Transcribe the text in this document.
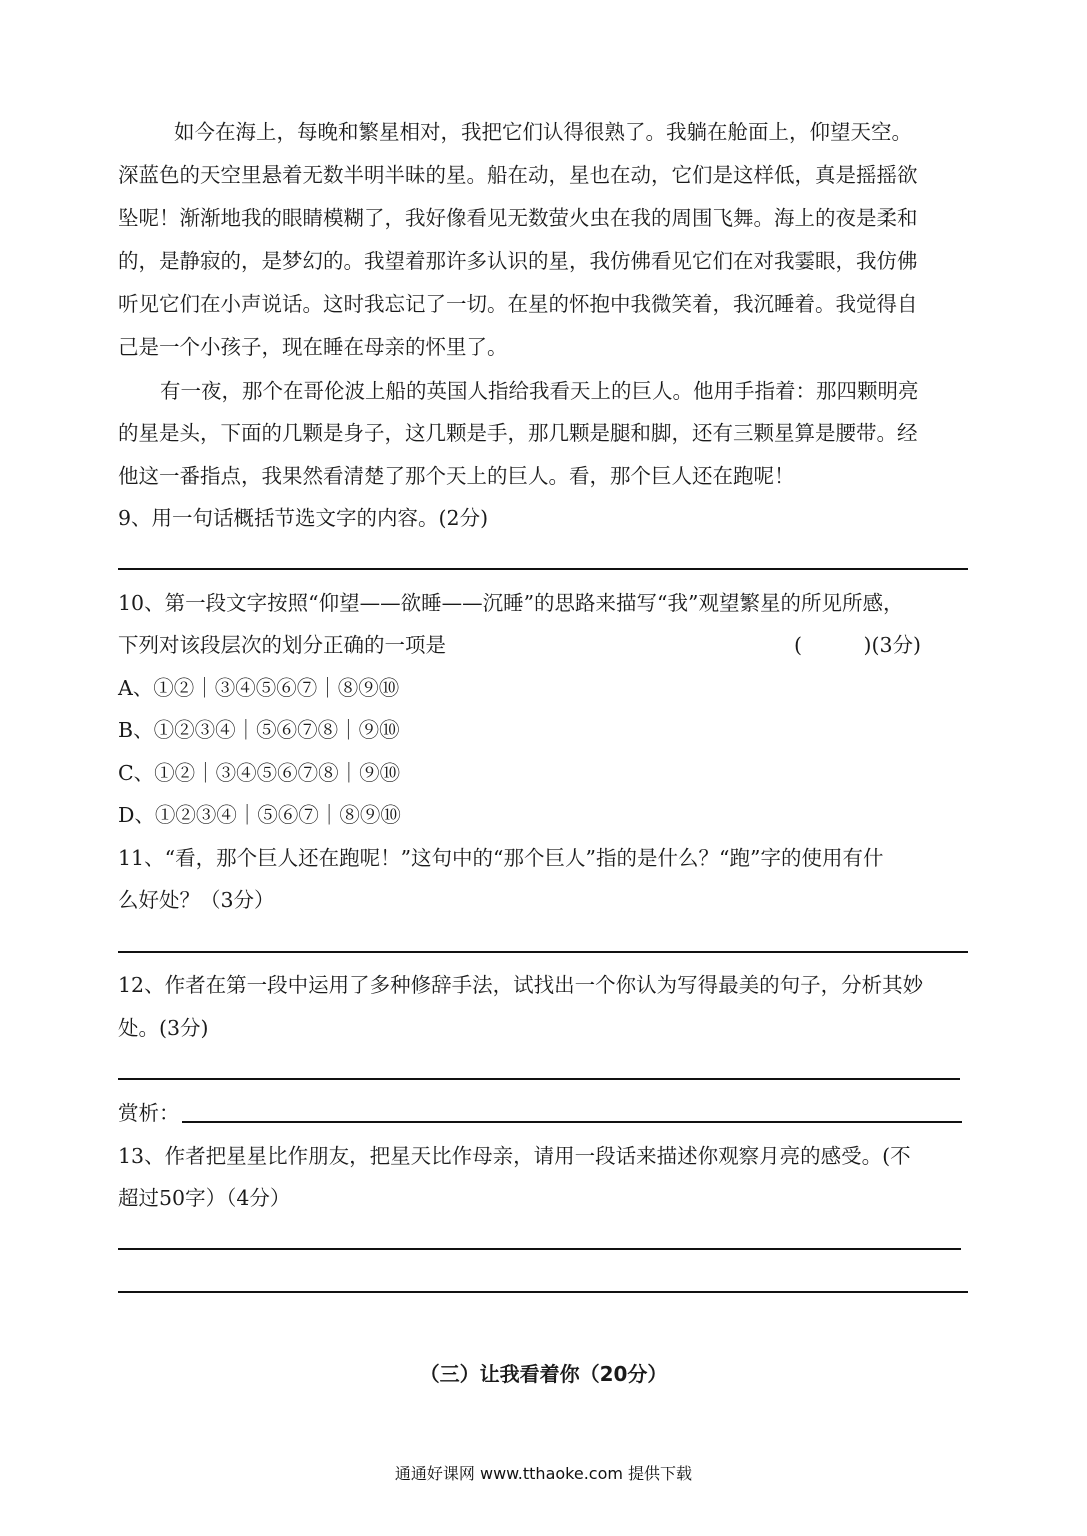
如今在海上，每晚和繁星相对，我把它们认得很熟了。我躺在舱面上，仰望天空。
深蓝色的天空里悬着无数半明半昧的星。船在动，星也在动，它们是这样低，真是摇摇欲
坠呢！渐渐地我的眼睛模糊了，我好像看见无数萤火虫在我的周围飞舞。海上的夜是柔和
的，是静寂的，是梦幻的。我望着那许多认识的星，我仿佛看见它们在对我霎眼，我仿佛
听见它们在小声说话。这时我忘记了一切。在星的怀抱中我微笑着，我沉睡着。我觉得自
己是一个小孩子，现在睡在母亲的怀里了。
有一夜，那个在哥伦波上船的英国人指给我看天上的巨人。他用手指着：那四颗明亮
的星是头，下面的几颗是身子，这几颗是手，那几颗是腿和脚，还有三颗星算是腰带。经
他这一番指点，我果然看清楚了那个天上的巨人。看，那个巨人还在跑呢！
9、用一句话概括节选文字的内容。(2分)
10、第一段文字按照“仰望——欲睡——沉睡”的思路来描写“我”观望繁星的所见所感，
下列对该段层次的划分正确的一项是	(　　　)(3分)
A、①②｜③④⑤⑥⑦｜⑧⑨⑩
B、①②③④｜⑤⑥⑦⑧｜⑨⑩
C、①②｜③④⑤⑥⑦⑧｜⑨⑩
D、①②③④｜⑤⑥⑦｜⑧⑨⑩
11、“看，那个巨人还在跑呢！”这句中的“那个巨人”指的是什么？“跑”字的使用有什
么好处？（3分）
12、作者在第一段中运用了多种修辞手法，试找出一个你认为写得最美的句子，分析其妙
处。(3分)
赏析：
13、作者把星星比作朋友，把星天比作母亲，请用一段话来描述你观察月亮的感受。(不
超过50字）（4分）
（三）让我看着你（20分）
通通好课网 www.tthaoke.com 提供下载
